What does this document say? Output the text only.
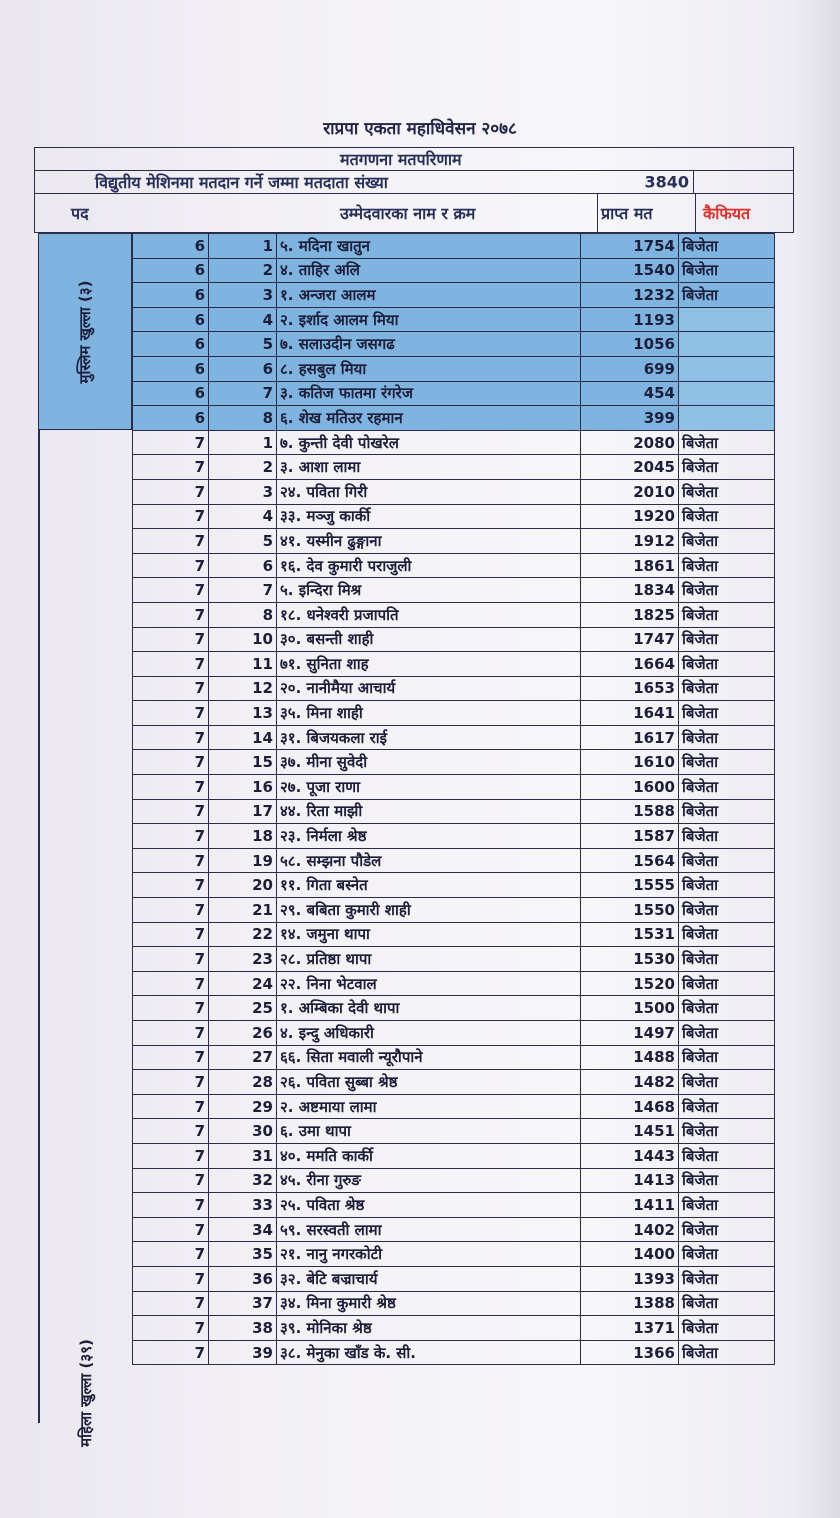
राप्रपा एकता महाधिवेसन २०७८
मतगणना मतपरिणाम
विद्युतीय मेशिनमा मतदान गर्ने जम्मा मतदाता संख्या	3840
पद	उम्मेदवारका नाम र क्रम	प्राप्त मत	कैफियत
मुस्लिम खुल्ला (३)
महिला खुल्ला (३९)
6	1	५. मदिना खातुन	1754	बिजेता
6	2	४. ताहिर अलि	1540	बिजेता
6	3	१. अन्जरा आलम	1232	बिजेता
6	4	२. इर्शाद आलम मिया	1193	
6	5	७. सलाउदीन जसगढ	1056	
6	6	८. हसबुल मिया	699	
6	7	३. कतिज फातमा रंगरेज	454	
6	8	६. शेख मतिउर रहमान	399	
7	1	७. कुन्ती देवी पोखरेल	2080	बिजेता
7	2	३. आशा लामा	2045	बिजेता
7	3	२४. पविता गिरी	2010	बिजेता
7	4	३३. मञ्जु कार्की	1920	बिजेता
7	5	४१. यस्मीन ढुङ्गाना	1912	बिजेता
7	6	१६. देव कुमारी पराजुली	1861	बिजेता
7	7	५. इन्दिरा मिश्र	1834	बिजेता
7	8	१८. धनेश्वरी प्रजापति	1825	बिजेता
7	10	३०. बसन्ती शाही	1747	बिजेता
7	11	७१. सुनिता शाह	1664	बिजेता
7	12	२०. नानीमैया आचार्य	1653	बिजेता
7	13	३५. मिना शाही	1641	बिजेता
7	14	३१. बिजयकला राई	1617	बिजेता
7	15	३७. मीना सुवेदी	1610	बिजेता
7	16	२७. पूजा राणा	1600	बिजेता
7	17	४४. रिता माझी	1588	बिजेता
7	18	२३. निर्मला श्रेष्ठ	1587	बिजेता
7	19	५८. सम्झना पौडेल	1564	बिजेता
7	20	११. गिता बस्नेत	1555	बिजेता
7	21	२९. बबिता कुमारी शाही	1550	बिजेता
7	22	१४. जमुना थापा	1531	बिजेता
7	23	२८. प्रतिष्ठा थापा	1530	बिजेता
7	24	२२. निना भेटवाल	1520	बिजेता
7	25	१. अम्बिका देवी थापा	1500	बिजेता
7	26	४. इन्दु अधिकारी	1497	बिजेता
7	27	६६. सिता मवाली न्यूरौपाने	1488	बिजेता
7	28	२६. पविता सुब्बा श्रेष्ठ	1482	बिजेता
7	29	२. अष्टमाया लामा	1468	बिजेता
7	30	६. उमा थापा	1451	बिजेता
7	31	४०. ममति कार्की	1443	बिजेता
7	32	४५. रीना गुरुङ	1413	बिजेता
7	33	२५. पविता श्रेष्ठ	1411	बिजेता
7	34	५९. सरस्वती लामा	1402	बिजेता
7	35	२१. नानु नगरकोटी	1400	बिजेता
7	36	३२. बेटि बज्राचार्य	1393	बिजेता
7	37	३४. मिना कुमारी श्रेष्ठ	1388	बिजेता
7	38	३९. मोनिका श्रेष्ठ	1371	बिजेता
7	39	३८. मेनुका खाँड के. सी.	1366	बिजेता
